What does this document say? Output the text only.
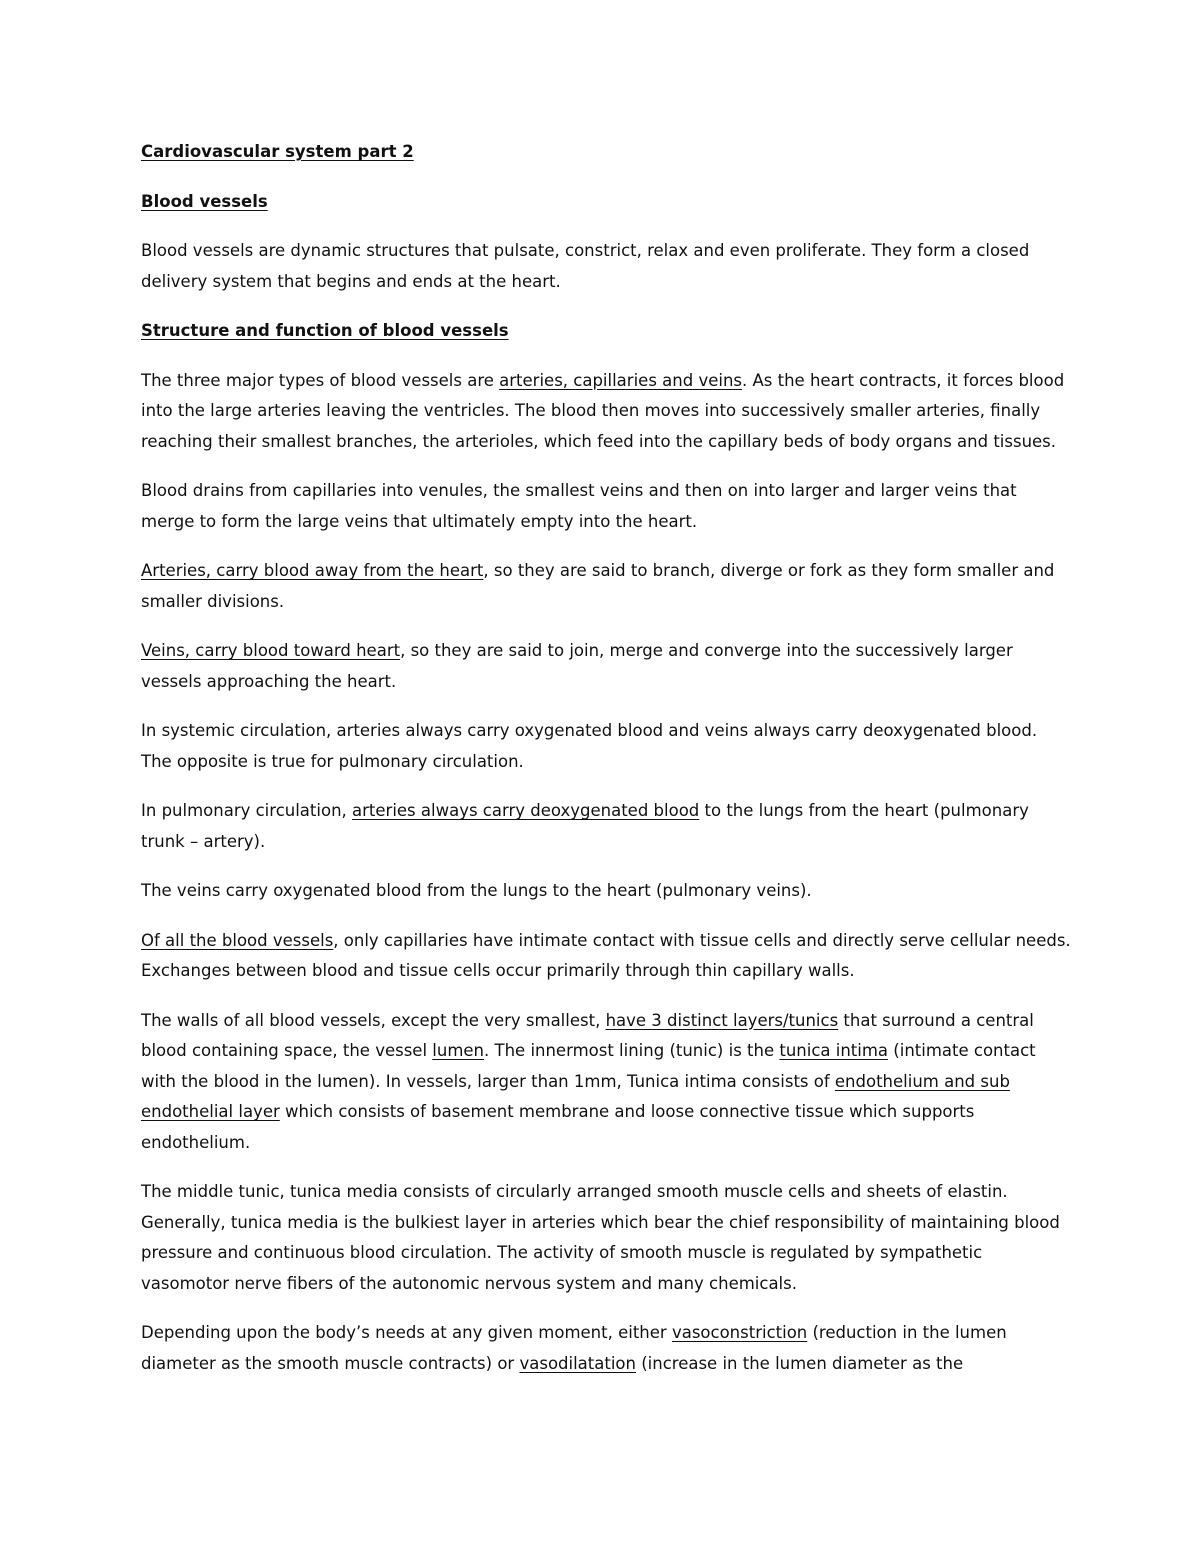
Cardiovascular system part 2
Blood vessels

Blood vessels are dynamic structures that pulsate, constrict, relax and even proliferate. They form a closed delivery system that begins and ends at the heart.

Structure and function of blood vessels

The three major types of blood vessels are arteries, capillaries and veins. As the heart contracts, it forces blood into the large arteries leaving the ventricles. The blood then moves into successively smaller arteries, finally reaching their smallest branches, the arterioles, which feed into the capillary beds of body organs and tissues.

Blood drains from capillaries into venules, the smallest veins and then on into larger and larger veins that merge to form the large veins that ultimately empty into the heart.

Arteries, carry blood away from the heart, so they are said to branch, diverge or fork as they form smaller and smaller divisions.

Veins, carry blood toward heart, so they are said to join, merge and converge into the successively larger vessels approaching the heart.

In systemic circulation, arteries always carry oxygenated blood and veins always carry deoxygenated blood. The opposite is true for pulmonary circulation.

In pulmonary circulation, arteries always carry deoxygenated blood to the lungs from the heart (pulmonary trunk – artery).

The veins carry oxygenated blood from the lungs to the heart (pulmonary veins).

Of all the blood vessels, only capillaries have intimate contact with tissue cells and directly serve cellular needs. Exchanges between blood and tissue cells occur primarily through thin capillary walls.

The walls of all blood vessels, except the very smallest, have 3 distinct layers/tunics that surround a central blood containing space, the vessel lumen. The innermost lining (tunic) is the tunica intima (intimate contact with the blood in the lumen). In vessels, larger than 1mm, Tunica intima consists of endothelium and sub endothelial layer which consists of basement membrane and loose connective tissue which supports endothelium.

The middle tunic, tunica media consists of circularly arranged smooth muscle cells and sheets of elastin. Generally, tunica media is the bulkiest layer in arteries which bear the chief responsibility of maintaining blood pressure and continuous blood circulation. The activity of smooth muscle is regulated by sympathetic vasomotor nerve fibers of the autonomic nervous system and many chemicals.

Depending upon the body’s needs at any given moment, either vasoconstriction (reduction in the lumen diameter as the smooth muscle contracts) or vasodilatation (increase in the lumen diameter as the
